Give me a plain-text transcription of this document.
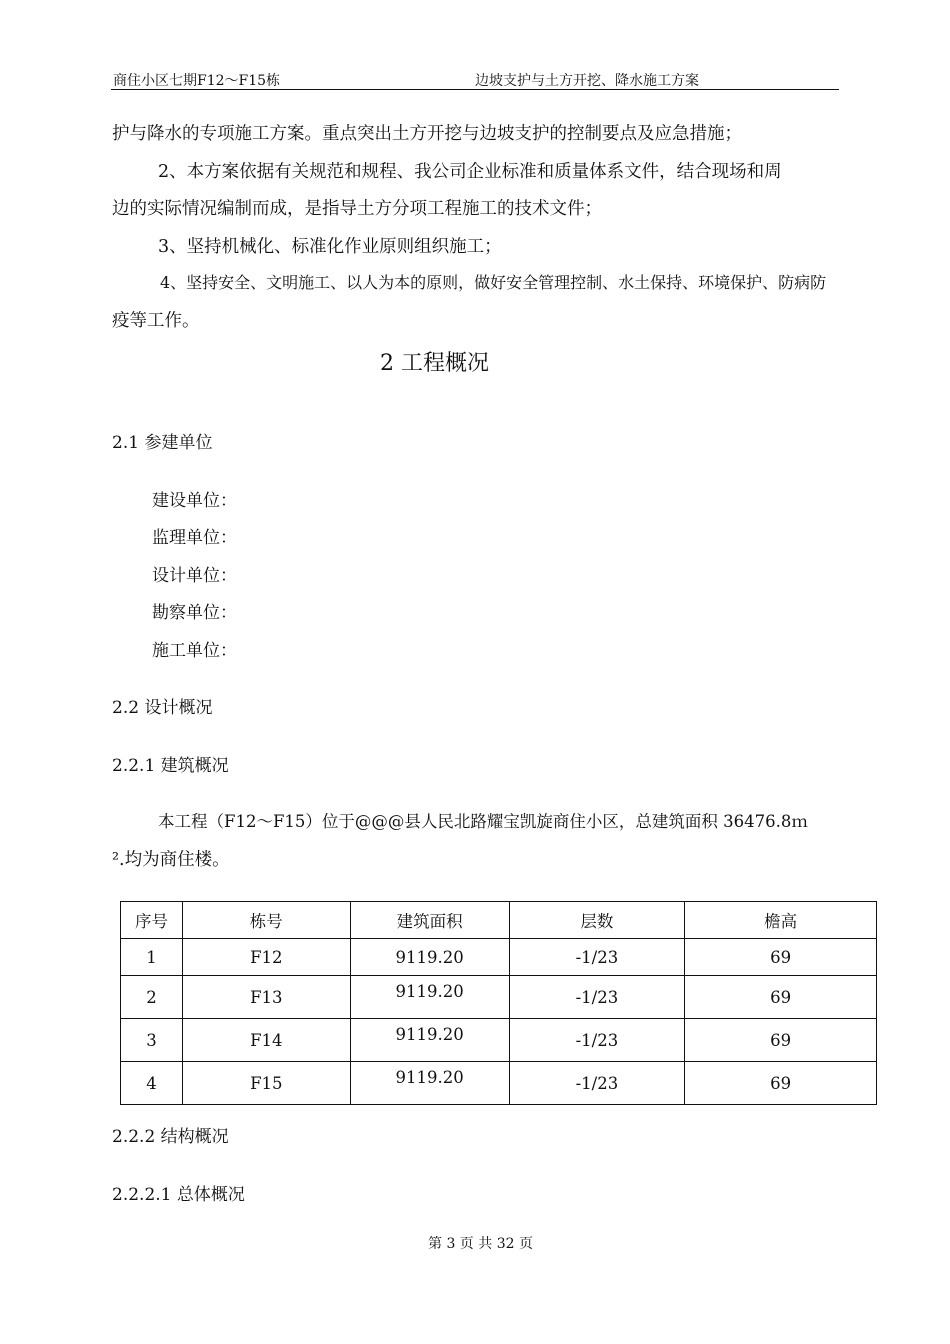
商住小区七期F12～F15栋	边坡支护与土方开挖、降水施工方案
护与降水的专项施工方案。重点突出土方开挖与边坡支护的控制要点及应急措施；
2、本方案依据有关规范和规程、我公司企业标准和质量体系文件，结合现场和周
边的实际情况编制而成，是指导土方分项工程施工的技术文件；
3、坚持机械化、标准化作业原则组织施工；
4、坚持安全、文明施工、以人为本的原则，做好安全管理控制、水土保持、环境保护、防病防
疫等工作。
2 工程概况
2.1 参建单位
建设单位：
监理单位：
设计单位：
勘察单位：
施工单位：
2.2 设计概况
2.2.1 建筑概况
本工程（F12～F15）位于@@@县人民北路耀宝凯旋商住小区，总建筑面积 36476.8ｍ
².均为商住楼。
序号	栋号	建筑面积	层数	檐高
1	F12	9119.20	-1/23	69
2	F13	9119.20	-1/23	69
3	F14	9119.20	-1/23	69
4	F15	9119.20	-1/23	69
2.2.2 结构概况
2.2.2.1 总体概况
第 3 页 共 32 页
